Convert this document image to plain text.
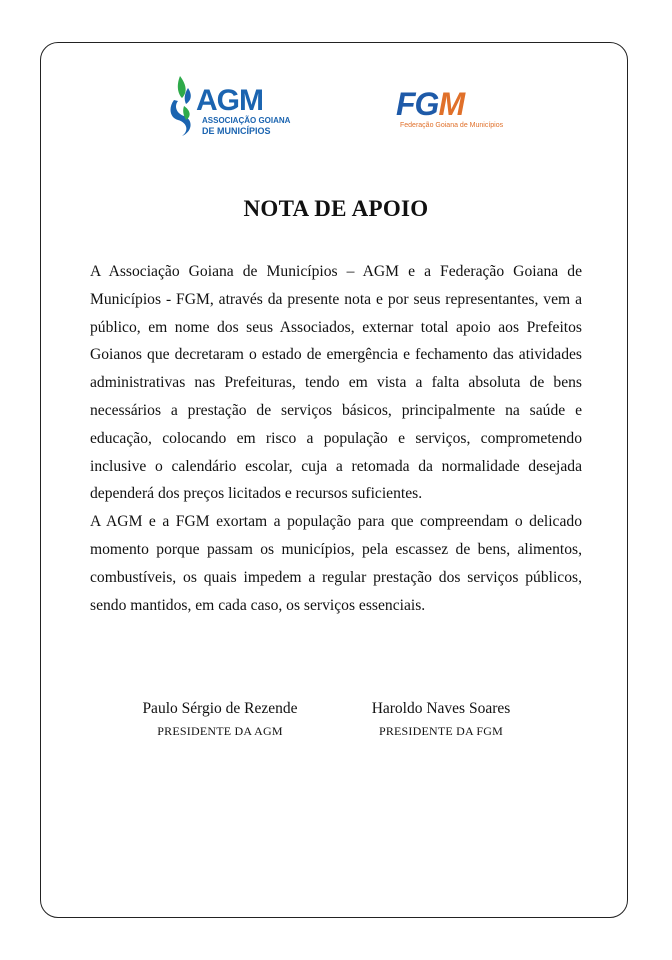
AGM
ASSOCIAÇÃO GOIANA
DE MUNICÍPIOS
FGM
Federação Goiana de Municípios
NOTA DE APOIO

A Associação Goiana de Municípios – AGM e a Federação Goiana de Municípios - FGM, através da presente nota e por seus representantes, vem a público, em nome dos seus Associados, externar total apoio aos Prefeitos Goianos que decretaram o estado de emergência e fechamento das atividades administrativas nas Prefeituras, tendo em vista a falta absoluta de bens necessários a prestação de serviços básicos, principalmente na saúde e educação, colocando em risco a população e serviços, comprometendo inclusive o calendário escolar, cuja a retomada da normalidade desejada dependerá dos preços licitados e recursos suficientes.

A AGM e a FGM exortam a população para que compreendam o delicado momento porque passam os municípios, pela escassez de bens, alimentos, combustíveis, os quais impedem a regular prestação dos serviços públicos, sendo mantidos, em cada caso, os serviços essenciais.

Paulo Sérgio de Rezende
PRESIDENTE DA AGM
Haroldo Naves Soares
PRESIDENTE DA FGM
